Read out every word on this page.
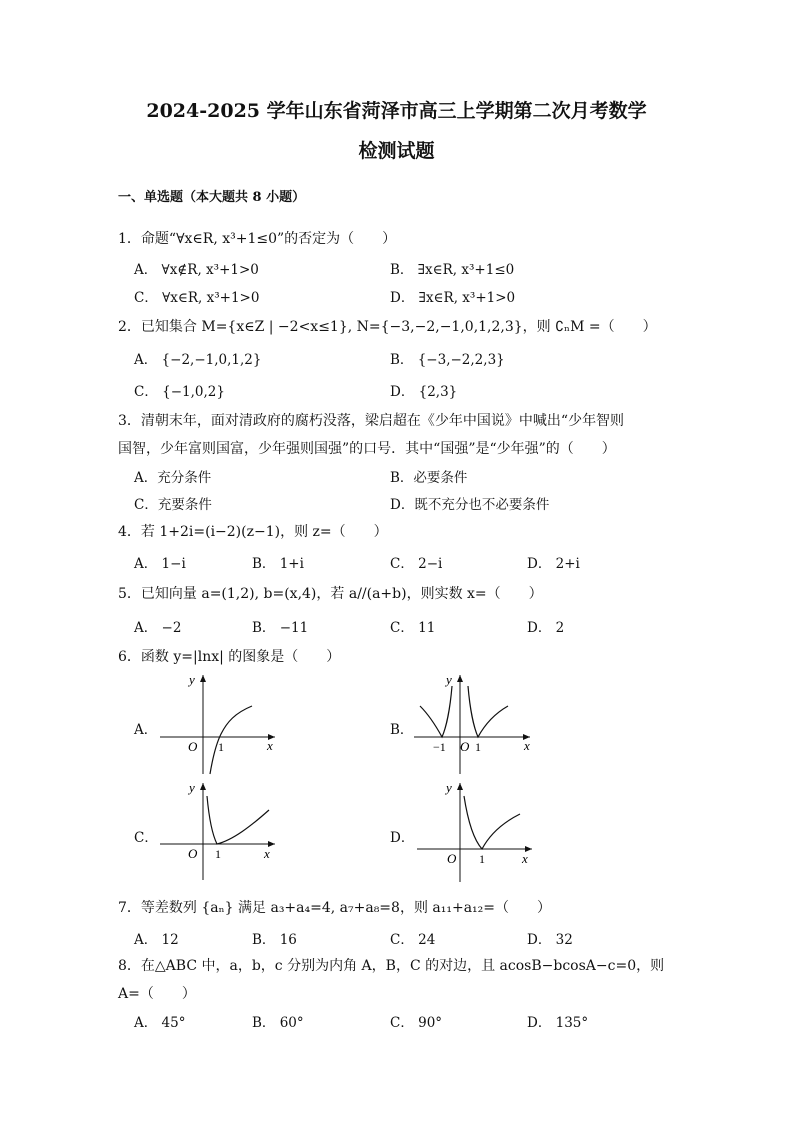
2024-2025 学年山东省菏泽市高三上学期第二次月考数学
检测试题
一、单选题（本大题共 8 小题）
1．命题“∀x∈R, x³+1≤0”的否定为（　　）
A． ∀x∉R, x³+1>0	B． ∃x∈R, x³+1≤0
C． ∀x∈R, x³+1>0	D． ∃x∈R, x³+1>0
2．已知集合 M={x∈Z | −2<x≤1}, N={−3,−2,−1,0,1,2,3}，则 ∁ₙM =（　　）
A． {−2,−1,0,1,2}	B． {−3,−2,2,3}
C． {−1,0,2}	D． {2,3}
3．清朝末年，面对清政府的腐朽没落，梁启超在《少年中国说》中喊出“少年智则
国智，少年富则国富，少年强则国强”的口号．其中“国强”是“少年强”的（　　）
A．充分条件	B．必要条件
C．充要条件	D．既不充分也不必要条件
4．若 1+2i=(i−2)(z−1)，则 z=（　　）
A． 1−i	B． 1+i	C． 2−i	D． 2+i
5．已知向量 a=(1,2), b=(x,4)，若 a//(a+b)，则实数 x=（　　）
A． −2	B． −11	C． 11	D． 2
6．函数 y=|lnx| 的图象是（　　）
A．	B．
C．	D．
x
y
O 1	x
y
O
−1 1
x
y
O 1	x
y
O 1
7．等差数列 {aₙ} 满足 a₃+a₄=4, a₇+a₈=8，则 a₁₁+a₁₂=（　　）
A． 12	B． 16	C． 24	D． 32
8．在△ABC 中，a，b，c 分别为内角 A，B，C 的对边，且 acosB−bcosA−c=0，则
A=（　　）
A． 45°	B． 60°	C． 90°	D． 135°
